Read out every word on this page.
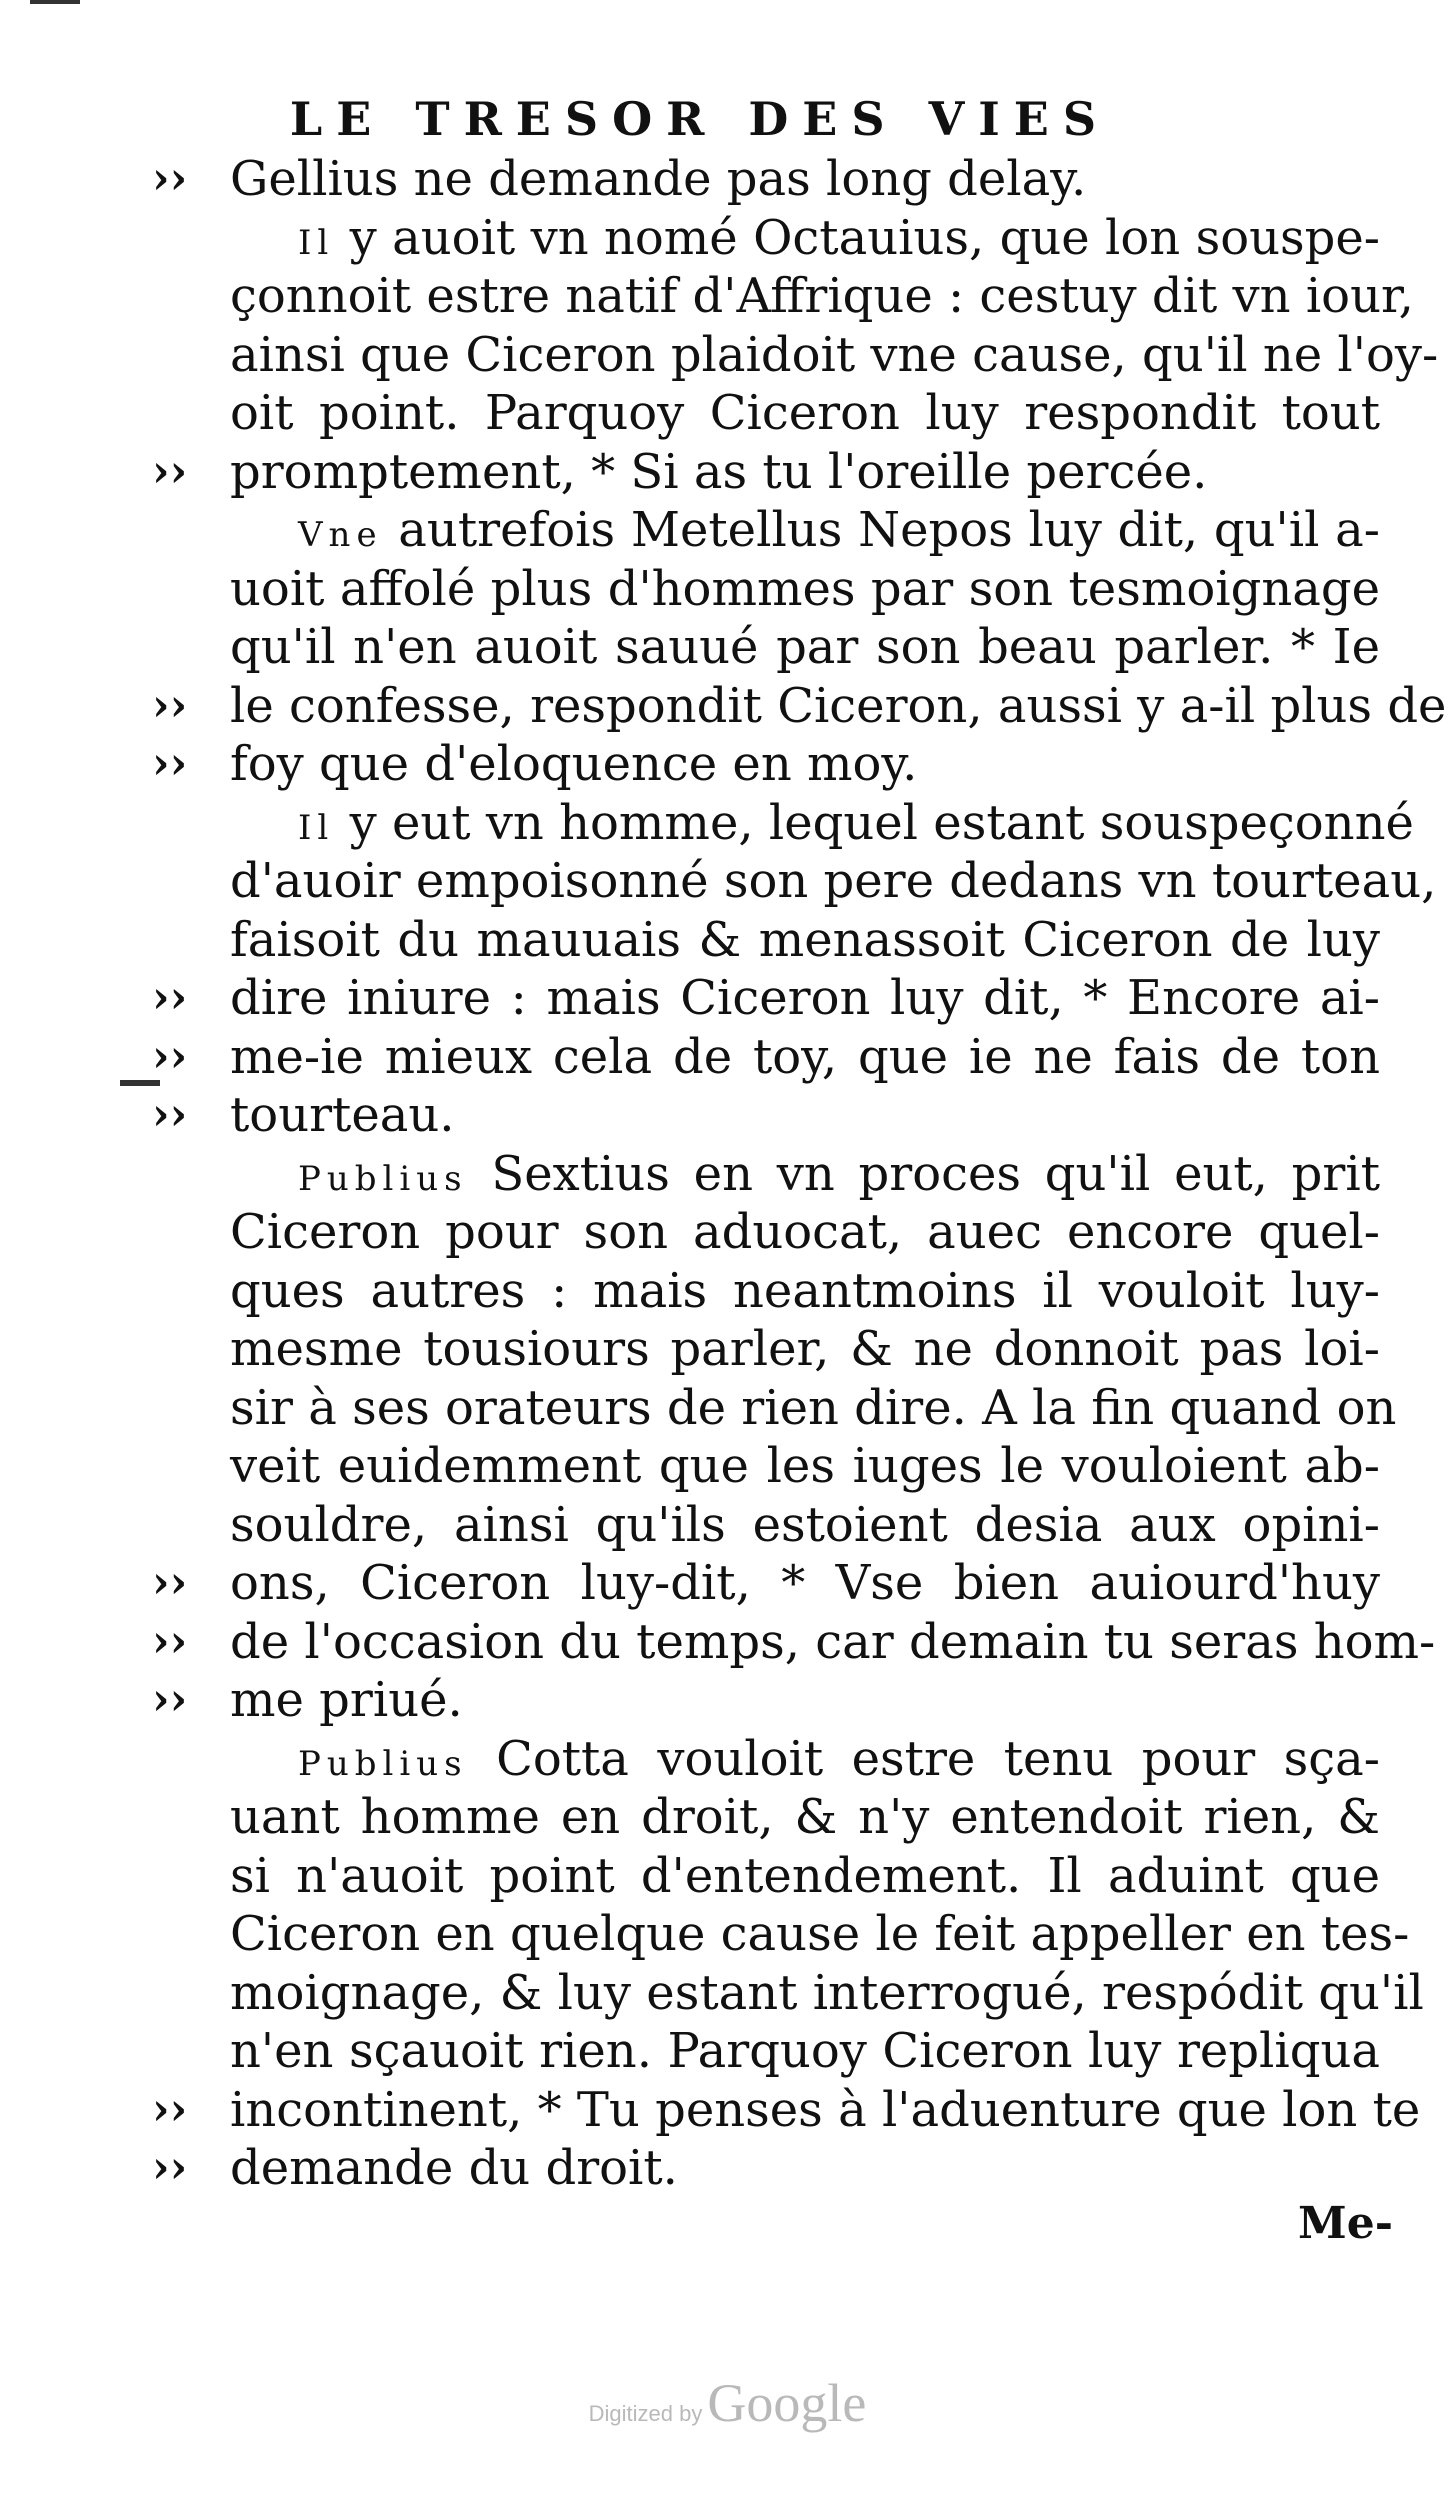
LE TRESOR DES VIES
›› Gellius ne demande pas long delay.
Il y auoit vn nomé Octauius, que lon souspe-
çonnoit estre natif d'Affrique : cestuy dit vn iour,
ainsi que Ciceron plaidoit vne cause, qu'il ne l'oy-
oit point. Parquoy Ciceron luy respondit tout
›› promptement, * Si as tu l'oreille percée.
Vne autrefois Metellus Nepos luy dit, qu'il a-
uoit affolé plus d'hommes par son tesmoignage
qu'il n'en auoit sauué par son beau parler. * Ie
›› le confesse, respondit Ciceron, aussi y a-il plus de
›› foy que d'eloquence en moy.
Il y eut vn homme, lequel estant souspeçonné
d'auoir empoisonné son pere dedans vn tourteau,
faisoit du mauuais & menassoit Ciceron de luy
›› dire iniure : mais Ciceron luy dit, * Encore ai-
›› me-ie mieux cela de toy, que ie ne fais de ton
›› tourteau.
Publius Sextius en vn proces qu'il eut, prit
Ciceron pour son aduocat, auec encore quel-
ques autres : mais neantmoins il vouloit luy-
mesme tousiours parler, & ne donnoit pas loi-
sir à ses orateurs de rien dire. A la fin quand on
veit euidemment que les iuges le vouloient ab-
souldre, ainsi qu'ils estoient desia aux opini-
›› ons, Ciceron luy-dit, * Vse bien auiourd'huy
›› de l'occasion du temps, car demain tu seras hom-
›› me priué.
Publius Cotta vouloit estre tenu pour sça-
uant homme en droit, & n'y entendoit rien, &
si n'auoit point d'entendement. Il aduint que
Ciceron en quelque cause le feit appeller en tes-
moignage, & luy estant interrogué, respódit qu'il
n'en sçauoit rien. Parquoy Ciceron luy repliqua
›› incontinent, * Tu penses à l'aduenture que lon te
›› demande du droit.
Me-
Digitized by Google
